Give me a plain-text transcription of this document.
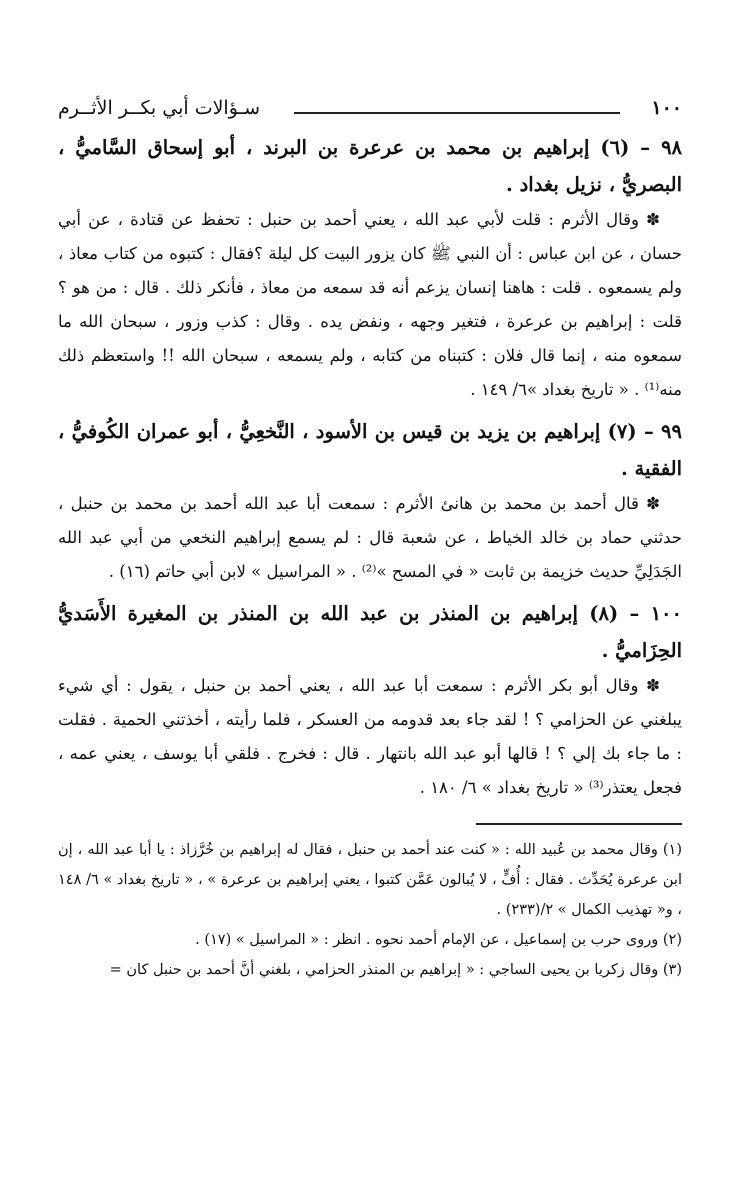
١٠٠
سـؤالات أبي بكــر الأثــرم
٩٨ – (٦) إبراهيم بن محمد بن عرعرة بن البرند ، أبو إسحاق السَّاميُّ ، البصريُّ ، نزيل بغداد .
✽ وقال الأثرم : قلت لأبي عبد الله ، يعني أحمد بن حنبل : تحفظ عن قتادة ، عن أبي حسان ، عن ابن عباس : أن النبي ﷺ كان يزور البيت كل ليلة ؟فقال : كتبوه من كتاب معاذ ، ولم يسمعوه . قلت : هاهنا إنسان يزعم أنه قد سمعه من معاذ ، فأنكر ذلك . قال : من هو ؟ قلت : إبراهيم بن عرعرة ، فتغير وجهه ، ونفض يده . وقال : كذب وزور ، سبحان الله ما سمعوه منه ، إنما قال فلان : كتبناه من كتابه ، ولم يسمعه ، سبحان الله !! واستعظم ذلك منه⁽¹⁾ . « تاريخ بغداد »٦/ ١٤٩ .
٩٩ – (٧) إبراهيم بن يزيد بن قيس بن الأسود ، النَّخعِيُّ ، أبو عمران الكُوفيُّ ، الفقية .
✽ قال أحمد بن محمد بن هانئ الأثرم : سمعت أبا عبد الله أحمد بن محمد بن حنبل ، حدثني حماد بن خالد الخياط ، عن شعبة قال : لم يسمع إبراهيم النخعي من أبي عبد الله الجَدَلِيِّ حديث خزيمة بن ثابت « في المسح »⁽²⁾ . « المراسيل » لابن أبي حاتم (١٦) .
١٠٠ – (٨) إبراهيم بن المنذر بن عبد الله بن المنذر بن المغيرة الأَسَديُّ الحِزَاميُّ .
✽ وقال أبو بكر الأثرم : سمعت أبا عبد الله ، يعني أحمد بن حنبل ، يقول : أي شيء يبلغني عن الحزامي ؟ ! لقد جاء بعد قدومه من العسكر ، فلما رأيته ، أخذتني الحمية . فقلت : ما جاء بك إلي ؟ ! قالها أبو عبد الله بانتهار . قال : فخرج . فلقي أبا يوسف ، يعني عمه ، فجعل يعتذر⁽³⁾ « تاريخ بغداد » ٦/ ١٨٠ .

(١) وقال محمد بن عُبيد الله : « كنت عند أحمد بن حنبل ، فقال له إبراهيم بن خُرَّزاذ : يا أبا عبد الله ، إن ابن عرعرة يُحَدِّث . فقال : أُفٍّ ، لا يُبالون عَمَّن كتبوا ، يعني إبراهيم بن عرعرة » ، « تاريخ بغداد » ٦/ ١٤٨ ، و« تهذيب الكمال » ٢/(٢٣٣) .

(٢) وروى حرب بن إسماعيل ، عن الإمام أحمد نحوه . انظر : « المراسيل » (١٧) .

(٣) وقال زكريا بن يحيى الساجي : « إبراهيم بن المنذر الحزامي ، بلغني أنَّ أحمد بن حنبل كان =
